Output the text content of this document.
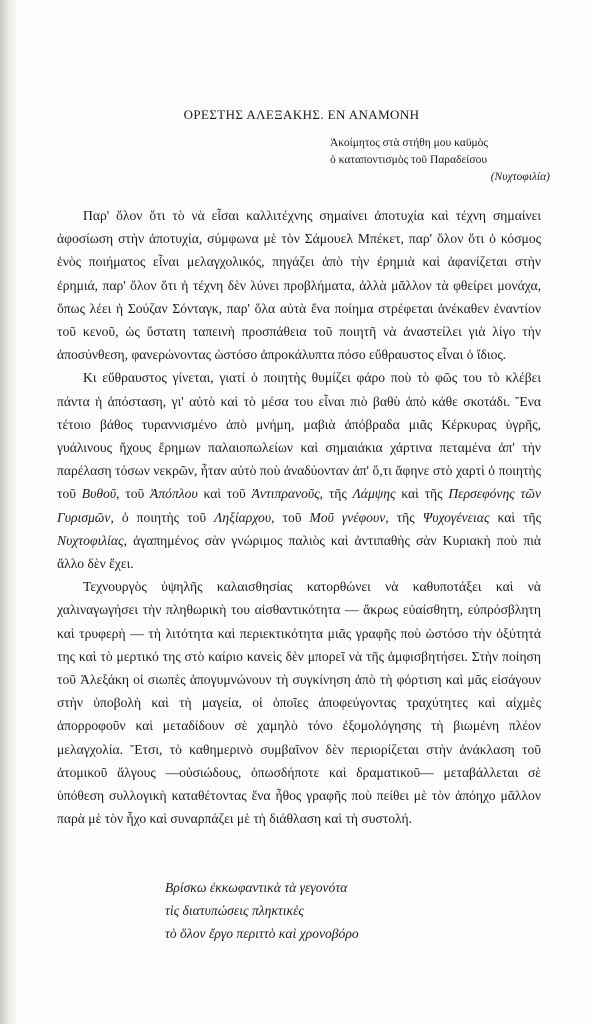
ΟΡΕΣΤΗΣ ΑΛΕΞΑΚΗΣ. ΕΝ ΑΝΑΜΟΝΗ
Ἀκοίμητος στὰ στήθη μου καϋμὸς
ὁ καταποντισμὸς τοῦ Παραδείσου
(Νυχτοφιλία)

Παρ' ὅλον ὅτι τὸ νὰ εἶσαι καλλιτέχνης σημαίνει ἀποτυχία καὶ τέχνη σημαίνει ἀφοσίωση στὴν ἀποτυχία, σύμφωνα μὲ τὸν Σάμουελ Μπέκετ, παρ' ὅλον ὅτι ὁ κόσμος ἑνὸς ποιήματος εἶναι μελαγχολικός, πηγάζει ἀπὸ τὴν ἐρημιὰ καὶ ἀφανίζεται στὴν ἐρημιά, παρ' ὅλον ὅτι ἡ τέχνη δὲν λύνει προβλήματα, ἀλλὰ μᾶλλον τὰ φθείρει μονάχα, ὅπως λέει ἡ Σούζαν Σόνταγκ, παρ' ὅλα αὐτὰ ἕνα ποίημα στρέφεται ἀνέκαθεν ἐναντίον τοῦ κενοῦ, ὡς ὕστατη ταπεινὴ προσπάθεια τοῦ ποιητῆ νὰ ἀναστείλει γιὰ λίγο τὴν ἀποσύνθεση, φανερώνοντας ὡστόσο ἀπροκάλυπτα πόσο εὔθραυστος εἶναι ὁ ἴδιος.

Κι εὔθραυστος γίνεται, γιατί ὁ ποιητὴς θυμίζει φάρο ποὺ τὸ φῶς του τὸ κλέβει πάντα ἡ ἀπόσταση, γι' αὐτὸ καὶ τὸ μέσα του εἶναι πιὸ βαθὺ ἀπὸ κάθε σκοτάδι. Ἕνα τέτοιο βάθος τυραννισμένο ἀπὸ μνήμη, μαβιὰ ἀπόβραδα μιᾶς Κέρκυρας ὑγρῆς, γυάλινους ἤχους ἔρημων παλαιοπωλείων καὶ σημαιάκια χάρτινα πεταμένα ἀπ' τὴν παρέλαση τόσων νεκρῶν, ἦταν αὐτὸ ποὺ ἀναδύονταν ἀπ' ὅ,τι ἄφηνε στὸ χαρτὶ ὁ ποιητὴς τοῦ Βυθοῦ, τοῦ Ἀπόπλου καὶ τοῦ Ἀντιπρανοῦς, τῆς Λάμψης καὶ τῆς Περσεφόνης τῶν Γυρισμῶν, ὁ ποιητὴς τοῦ Ληξίαρχου, τοῦ Μοῦ γνέφουν, τῆς Ψυχογένειας καὶ τῆς Νυχτοφιλίας, ἀγαπημένος σὰν γνώριμος παλιὸς καὶ ἀντιπαθὴς σὰν Κυριακὴ ποὺ πιὰ ἄλλο δὲν ἔχει.

Τεχνουργὸς ὑψηλῆς καλαισθησίας κατορθώνει νὰ καθυποτάξει καὶ νὰ χαλιναγωγήσει τὴν πληθωρικὴ του αἰσθαντικότητα — ἄκρως εὐαίσθητη, εὐπρόσβλητη καὶ τρυφερὴ — τὴ λιτότητα καὶ περιεκτικότητα μιᾶς γραφῆς ποὺ ὡστόσο τὴν ὀξύτητά της καὶ τὸ μερτικό της στὸ καίριο κανεὶς δὲν μπορεῖ νὰ τῆς ἀμφισβητήσει. Στὴν ποίηση τοῦ Ἀλεξάκη οἱ σιωπὲς ἀπογυμνώνουν τὴ συγκίνηση ἀπὸ τὴ φόρτιση καὶ μᾶς εἰσάγουν στὴν ὑποβολὴ καὶ τὴ μαγεία, οἱ ὁποῖες ἀποφεύγοντας τραχύτητες καὶ αἰχμὲς ἀπορροφοῦν καὶ μεταδίδουν σὲ χαμηλὸ τόνο ἐξομολόγησης τὴ βιωμένη πλέον μελαγχολία. Ἔτσι, τὸ καθημερινὸ συμβαῖνον δὲν περιορίζεται στὴν ἀνάκλαση τοῦ ἀτομικοῦ ἄλγους —οὐσιώδους, ὁπωσδήποτε καὶ δραματικοῦ— μεταβάλλεται σὲ ὑπόθεση συλλογικὴ καταθέτοντας ἕνα ἦθος γραφῆς ποὺ πείθει μὲ τὸν ἀπόηχο μᾶλλον παρὰ μὲ τὸν ἦχο καὶ συναρπάζει μὲ τὴ διάθλαση καὶ τὴ συστολή.

Βρίσκω ἐκκωφαντικὰ τὰ γεγονότα
τὶς διατυπώσεις πληκτικὲς
τὸ ὅλον ἔργο περιττὸ καὶ χρονοβόρο
